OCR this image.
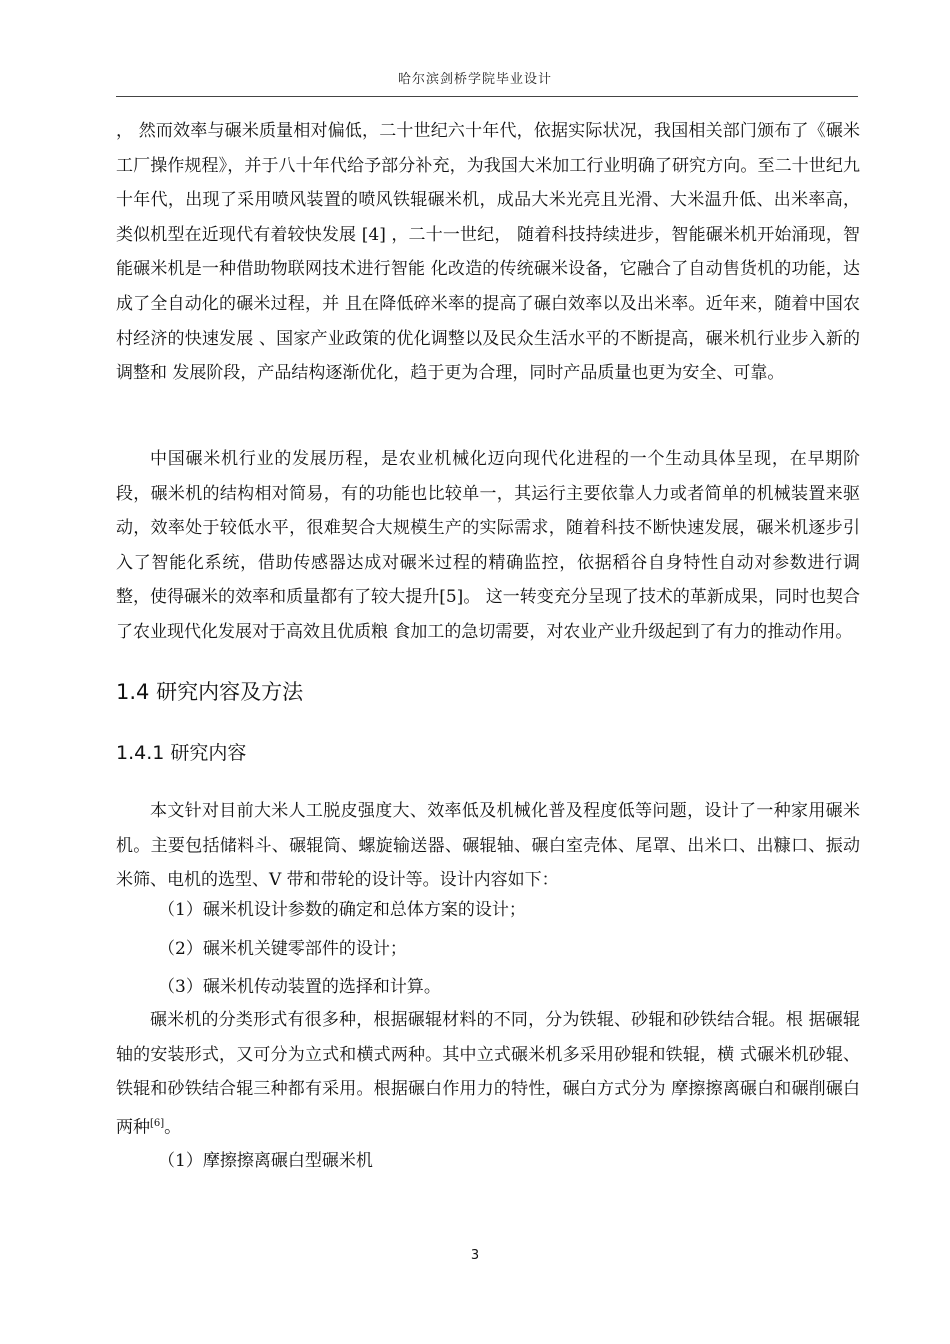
哈尔滨剑桥学院毕业设计

， 然而效率与碾米质量相对偏低，二十世纪六十年代，依据实际状况，我国相关部门颁布了《碾米工厂操作规程》，并于八十年代给予部分补充，为我国大米加工行业明确了研究方向。至二十世纪九十年代，出现了采用喷风装置的喷风铁辊碾米机，成品大米光亮且光滑、大米温升低、出米率高，类似机型在近现代有着较快发展 [4] ，二十一世纪， 随着科技持续进步，智能碾米机开始涌现，智能碾米机是一种借助物联网技术进行智能 化改造的传统碾米设备，它融合了自动售货机的功能，达成了全自动化的碾米过程，并 且在降低碎米率的提高了碾白效率以及出米率。近年来，随着中国农村经济的快速发展 、国家产业政策的优化调整以及民众生活水平的不断提高，碾米机行业步入新的调整和 发展阶段，产品结构逐渐优化，趋于更为合理，同时产品质量也更为安全、可靠。

中国碾米机行业的发展历程，是农业机械化迈向现代化进程的一个生动具体呈现，在早期阶段，碾米机的结构相对简易，有的功能也比较单一，其运行主要依靠人力或者简单的机械装置来驱动，效率处于较低水平，很难契合大规模生产的实际需求，随着科技不断快速发展，碾米机逐步引入了智能化系统，借助传感器达成对碾米过程的精确监控，依据稻谷自身特性自动对参数进行调整，使得碾米的效率和质量都有了较大提升[5]。 这一转变充分呈现了技术的革新成果，同时也契合了农业现代化发展对于高效且优质粮 食加工的急切需要，对农业产业升级起到了有力的推动作用。

1.4 研究内容及方法
1.4.1 研究内容

本文针对目前大米人工脱皮强度大、效率低及机械化普及程度低等问题，设计了一种家用碾米机。主要包括储料斗、碾辊筒、螺旋输送器、碾辊轴、碾白室壳体、尾罩、出米口、出糠口、振动米筛、电机的选型、V 带和带轮的设计等。设计内容如下：

（1）碾米机设计参数的确定和总体方案的设计；

（2）碾米机关键零部件的设计；

（3）碾米机传动装置的选择和计算。

碾米机的分类形式有很多种，根据碾辊材料的不同，分为铁辊、砂辊和砂铁结合辊。根 据碾辊轴的安装形式，又可分为立式和横式两种。其中立式碾米机多采用砂辊和铁辊，横 式碾米机砂辊、铁辊和砂铁结合辊三种都有采用。根据碾白作用力的特性，碾白方式分为 摩擦擦离碾白和碾削碾白两种[6]。

（1）摩擦擦离碾白型碾米机

3
